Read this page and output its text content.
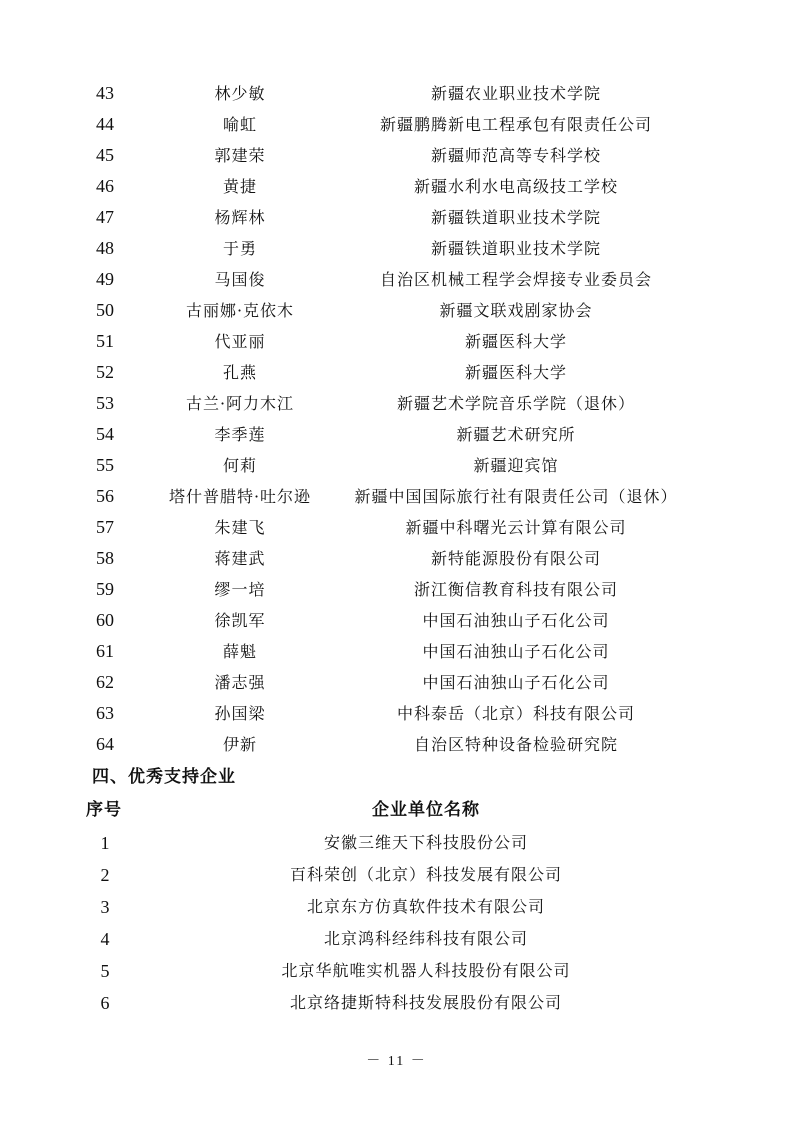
43	林少敏	新疆农业职业技术学院
44	喻虹	新疆鹏腾新电工程承包有限责任公司
45	郭建荣	新疆师范高等专科学校
46	黄捷	新疆水利水电高级技工学校
47	杨辉林	新疆铁道职业技术学院
48	于勇	新疆铁道职业技术学院
49	马国俊	自治区机械工程学会焊接专业委员会
50	古丽娜·克依木	新疆文联戏剧家协会
51	代亚丽	新疆医科大学
52	孔燕	新疆医科大学
53	古兰·阿力木江	新疆艺术学院音乐学院（退休）
54	李季莲	新疆艺术研究所
55	何莉	新疆迎宾馆
56	塔什普腊特·吐尔逊	新疆中国国际旅行社有限责任公司（退休）
57	朱建飞	新疆中科曙光云计算有限公司
58	蒋建武	新特能源股份有限公司
59	缪一培	浙江衡信教育科技有限公司
60	徐凯军	中国石油独山子石化公司
61	薛魁	中国石油独山子石化公司
62	潘志强	中国石油独山子石化公司
63	孙国梁	中科泰岳（北京）科技有限公司
64	伊新	自治区特种设备检验研究院
四、优秀支持企业
序号	企业单位名称
1	安徽三维天下科技股份公司
2	百科荣创（北京）科技发展有限公司
3	北京东方仿真软件技术有限公司
4	北京鸿科经纬科技有限公司
5	北京华航唯实机器人科技股份有限公司
6	北京络捷斯特科技发展股份有限公司
－ 11 －
